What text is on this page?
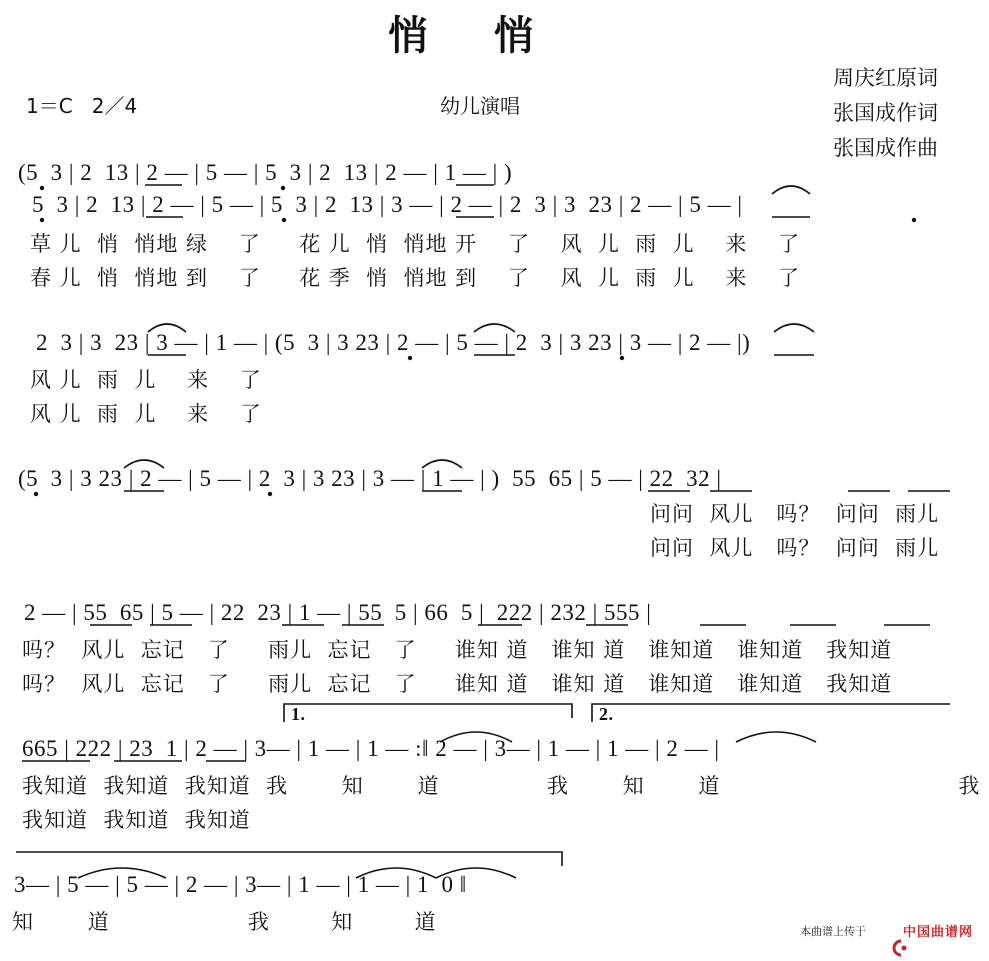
悄    悄
1＝C   2／4	幼儿演唱
周庆红原词
张国成作词
张国成作曲
(5  3 | 2  13 | 2 — | 5 — | 5  3 | 2  13 | 2 — | 1 — | )
5  3 | 2  13 | 2 — | 5 — | 5  3 | 2  13 | 3 — | 2 — | 2  3 | 3  23 | 2 — | 5 — |
草 儿  悄  悄地 绿    了     花 儿  悄  悄地 开    了    风  儿  雨  儿    来    了
春 儿  悄  悄地 到    了     花 季  悄  悄地 到    了    风  儿  雨  儿    来    了
2  3 | 3  23 | 3 — | 1 — | (5  3 | 3 23 | 2 — | 5 — | 2  3 | 3 23 | 3 — | 2 — |)
风 儿  雨  儿    来    了
风 儿  雨  儿    来    了
(5  3 | 3 23 | 2 — | 5 — | 2  3 | 3 23 | 3 — | 1 — | )  55  65 | 5 — | 22  32 |
问问  风儿   吗？  问问  雨儿
问问  风儿   吗？  问问  雨儿
2 — | 55  65 | 5 — | 22  23 | 1 — | 55  5 | 66  5 |  222 | 232 | 555 |
吗？  风儿  忘记   了     雨儿  忘记   了     谁知 道   谁知 道   谁知道   谁知道   我知道
吗？  风儿  忘记   了     雨儿  忘记   了     谁知 道   谁知 道   谁知道   谁知道   我知道
1.	2.
665 | 222 | 23  1 | 2 — | 3— | 1 — | 1 — :‖ 2 — | 3— | 1 — | 1 — | 2 — |
我知道  我知道  我知道  我       知       道              我       知       道                               我
我知道  我知道  我知道
3— | 5 — | 5 — | 2 — | 3— | 1 — | 1 — | 1  0 ‖
知       道                  我        知        道	本曲谱上传于

	中国曲谱网
